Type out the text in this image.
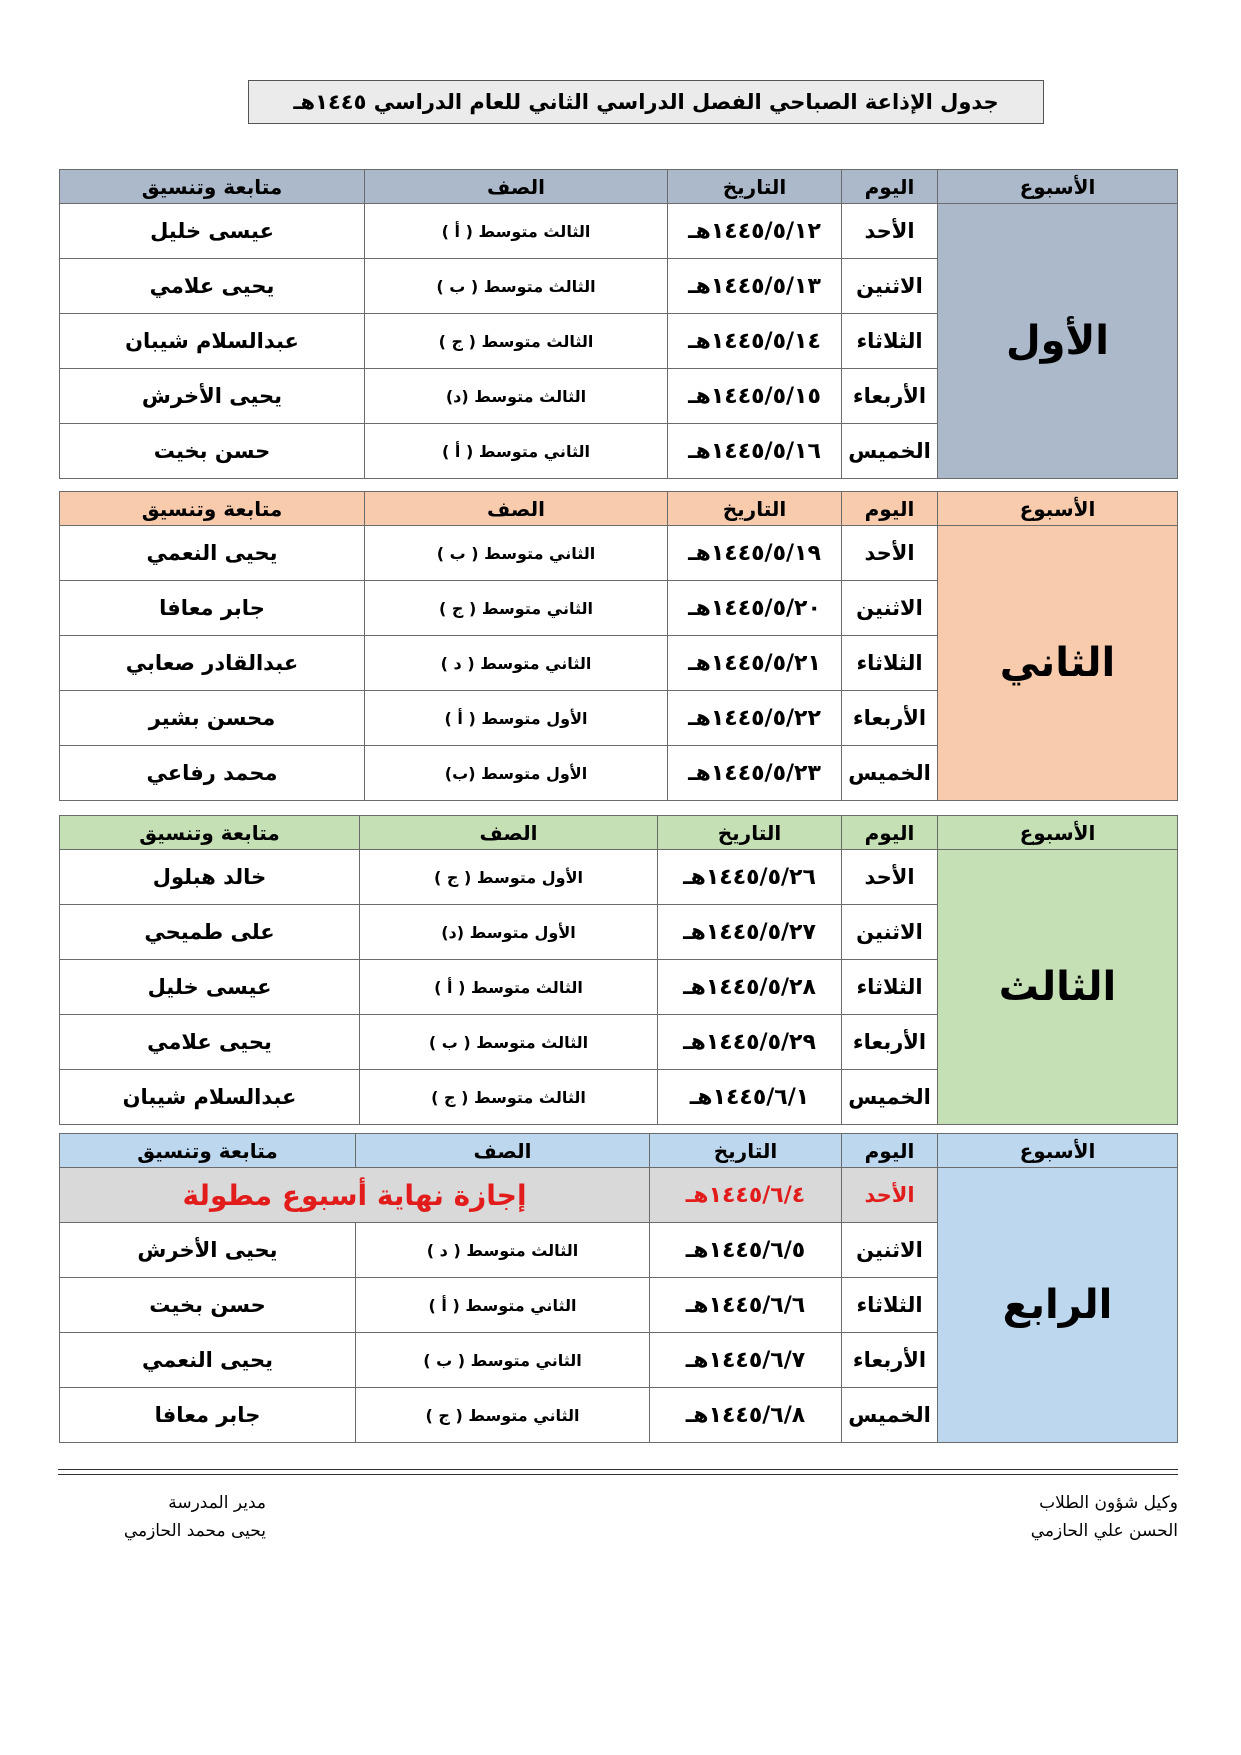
جدول الإذاعة الصباحي الفصل الدراسي الثاني للعام الدراسي ١٤٤٥هـ
الأسبوع	اليوم	التاريخ	الصف	متابعة وتنسيق
الأول	الأحد	١٤٤٥/٥/١٢هـ	الثالث متوسط ( أ )	عيسى خليل
	الاثنين	١٤٤٥/٥/١٣هـ	الثالث متوسط ( ب )	يحيى علامي
	الثلاثاء	١٤٤٥/٥/١٤هـ	الثالث متوسط ( ج )	عبدالسلام شيبان
	الأربعاء	١٤٤٥/٥/١٥هـ	الثالث متوسط (د)	يحيى الأخرش
	الخميس	١٤٤٥/٥/١٦هـ	الثاني متوسط ( أ )	حسن بخيت
الأسبوع	اليوم	التاريخ	الصف	متابعة وتنسيق
الثاني	الأحد	١٤٤٥/٥/١٩هـ	الثاني متوسط ( ب )	يحيى النعمي
	الاثنين	١٤٤٥/٥/٢٠هـ	الثاني متوسط ( ج )	جابر معافا
	الثلاثاء	١٤٤٥/٥/٢١هـ	الثاني متوسط ( د )	عبدالقادر صعابي
	الأربعاء	١٤٤٥/٥/٢٢هـ	الأول متوسط ( أ )	محسن بشير
	الخميس	١٤٤٥/٥/٢٣هـ	الأول متوسط (ب)	محمد رفاعي
الأسبوع	اليوم	التاريخ	الصف	متابعة وتنسيق
الثالث	الأحد	١٤٤٥/٥/٢٦هـ	الأول متوسط ( ج )	خالد هبلول
	الاثنين	١٤٤٥/٥/٢٧هـ	الأول متوسط (د)	على طميحي
	الثلاثاء	١٤٤٥/٥/٢٨هـ	الثالث متوسط ( أ )	عيسى خليل
	الأربعاء	١٤٤٥/٥/٢٩هـ	الثالث متوسط ( ب )	يحيى علامي
	الخميس	١٤٤٥/٦/١هـ	الثالث متوسط ( ج )	عبدالسلام شيبان
الأسبوع	اليوم	التاريخ	الصف	متابعة وتنسيق
الرابع	الأحد	١٤٤٥/٦/٤هـ	إجازة نهاية أسبوع مطولة	
	الاثنين	١٤٤٥/٦/٥هـ	الثالث متوسط ( د )	يحيى الأخرش
	الثلاثاء	١٤٤٥/٦/٦هـ	الثاني متوسط ( أ )	حسن بخيت
	الأربعاء	١٤٤٥/٦/٧هـ	الثاني متوسط ( ب )	يحيى النعمي
	الخميس	١٤٤٥/٦/٨هـ	الثاني متوسط ( ج )	جابر معافا
وكيل شؤون الطلاب
الحسن علي الحازمي
مدير المدرسة
يحيى محمد الحازمي
